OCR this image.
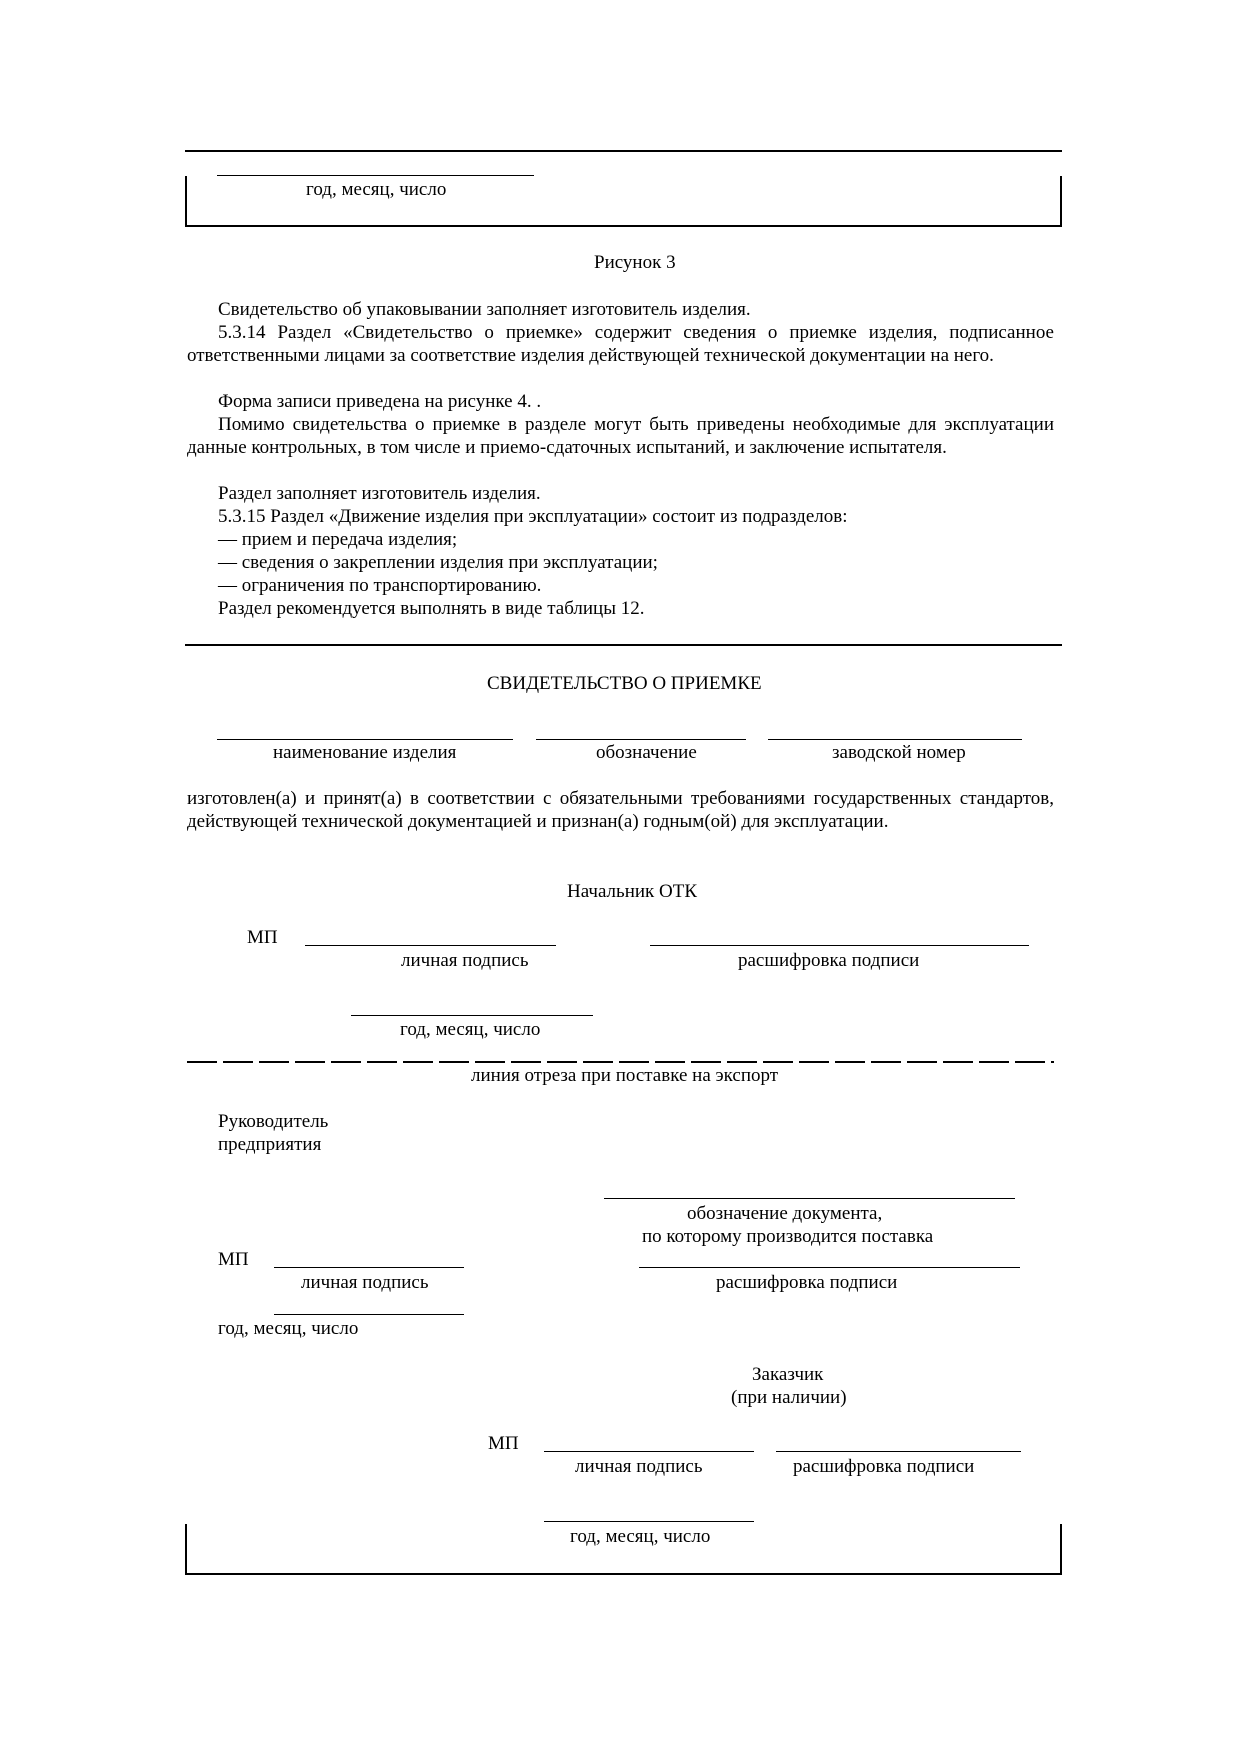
год, месяц, число
Рисунок 3
Свидетельство об упаковывании заполняет изготовитель изделия.
5.3.14 Раздел «Свидетельство о приемке» содержит сведения о приемке изделия, подписанное ответственными лицами за соответствие изделия действующей технической документации на него.
Форма записи приведена на рисунке 4. .
Помимо свидетельства о приемке в разделе могут быть приведены необходимые для эксплуатации данные контрольных, в том числе и приемо-сдаточных испытаний, и заключение испытателя.
Раздел заполняет изготовитель изделия.
5.3.15 Раздел «Движение изделия при эксплуатации» состоит из подразделов:
— прием и передача изделия;
— сведения о закреплении изделия при эксплуатации;
— ограничения по транспортированию.
Раздел рекомендуется выполнять в виде таблицы 12.
СВИДЕТЕЛЬСТВО О ПРИЕМКЕ
наименование изделия	обозначение	заводской номер
изготовлен(а) и принят(а) в соответствии с обязательными требованиями государственных стандартов, действующей технической документацией и признан(а) годным(ой) для эксплуатации.
Начальник ОТК
МП
личная подпись	расшифровка подписи
год, месяц, число
линия отреза при поставке на экспорт
Руководитель
предприятия
обозначение документа,
по которому производится поставка
МП
личная подпись	расшифровка подписи
год, месяц, число
Заказчик
(при наличии)
МП
личная подпись	расшифровка подписи
год, месяц, число
